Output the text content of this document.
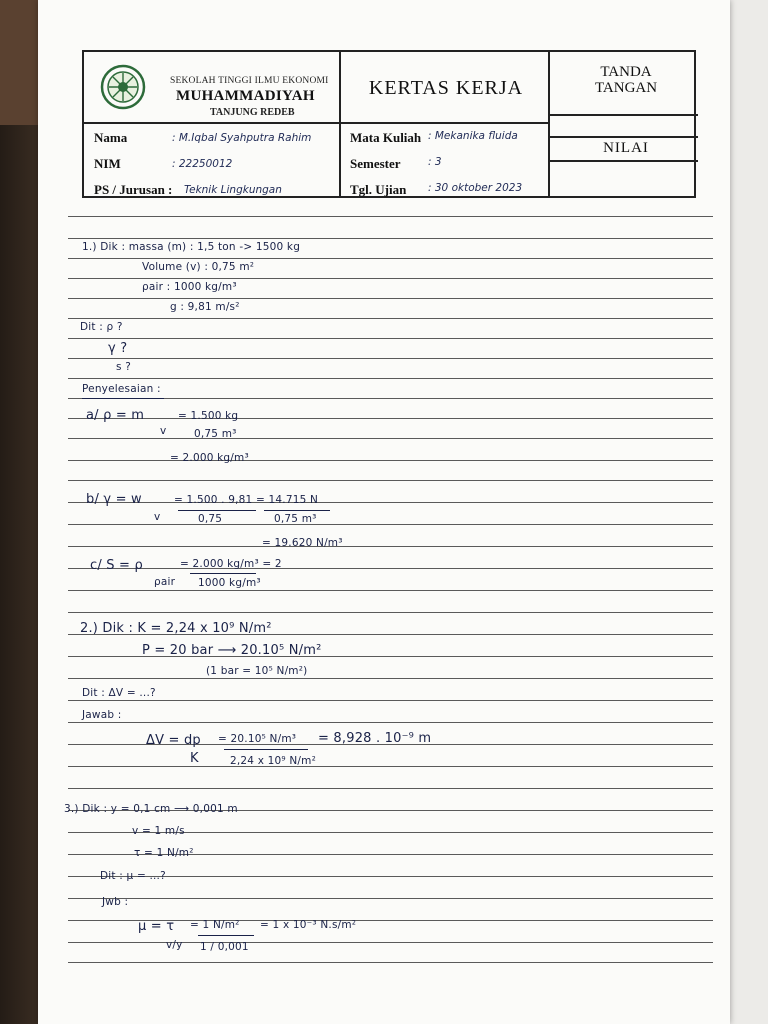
SEKOLAH TINGGI ILMU EKONOMI
MUHAMMADIYAH
TANJUNG REDEB
KERTAS KERJA
TANDA
TANGAN
NILAI
Nama
NIM
PS / Jurusan :
: M.Iqbal Syahputra Rahim
: 22250012
Teknik Lingkungan
Mata Kuliah
Semester
Tgl. Ujian
: Mekanika fluida
: 3
: 30 oktober 2023
1.) Dik : massa (m) : 1,5 ton -> 1500 kg
Volume (v) : 0,75 m²
ρair : 1000 kg/m³
g : 9,81 m/s²
Dit : ρ ?
γ ?
s ?
Penyelesaian :
a/ ρ = m
v
= 1.500 kg
0,75 m³
= 2.000 kg/m³
b/ γ = w
v
= 1.500 . 9,81
0,75
= 14.715 N
0,75 m³
= 19.620 N/m³
c/ S = ρ
ρair
= 2.000 kg/m³ = 2
1000 kg/m³
2.) Dik : K = 2,24 x 10⁹ N/m²
P = 20 bar ⟶ 20.10⁵ N/m²
(1 bar = 10⁵ N/m²)
Dit : ΔV = ...?
Jawab :
ΔV = dp
K
= 20.10⁵ N/m³
2,24 x 10⁹ N/m²
= 8,928 . 10⁻⁹ m
3.) Dik : y = 0,1 cm ⟶ 0,001 m
v = 1 m/s
τ = 1 N/m²
Dit : μ = ...?
Jwb :
μ = τ
v/y
= 1 N/m²
1 / 0,001
= 1 x 10⁻³ N.s/m²
